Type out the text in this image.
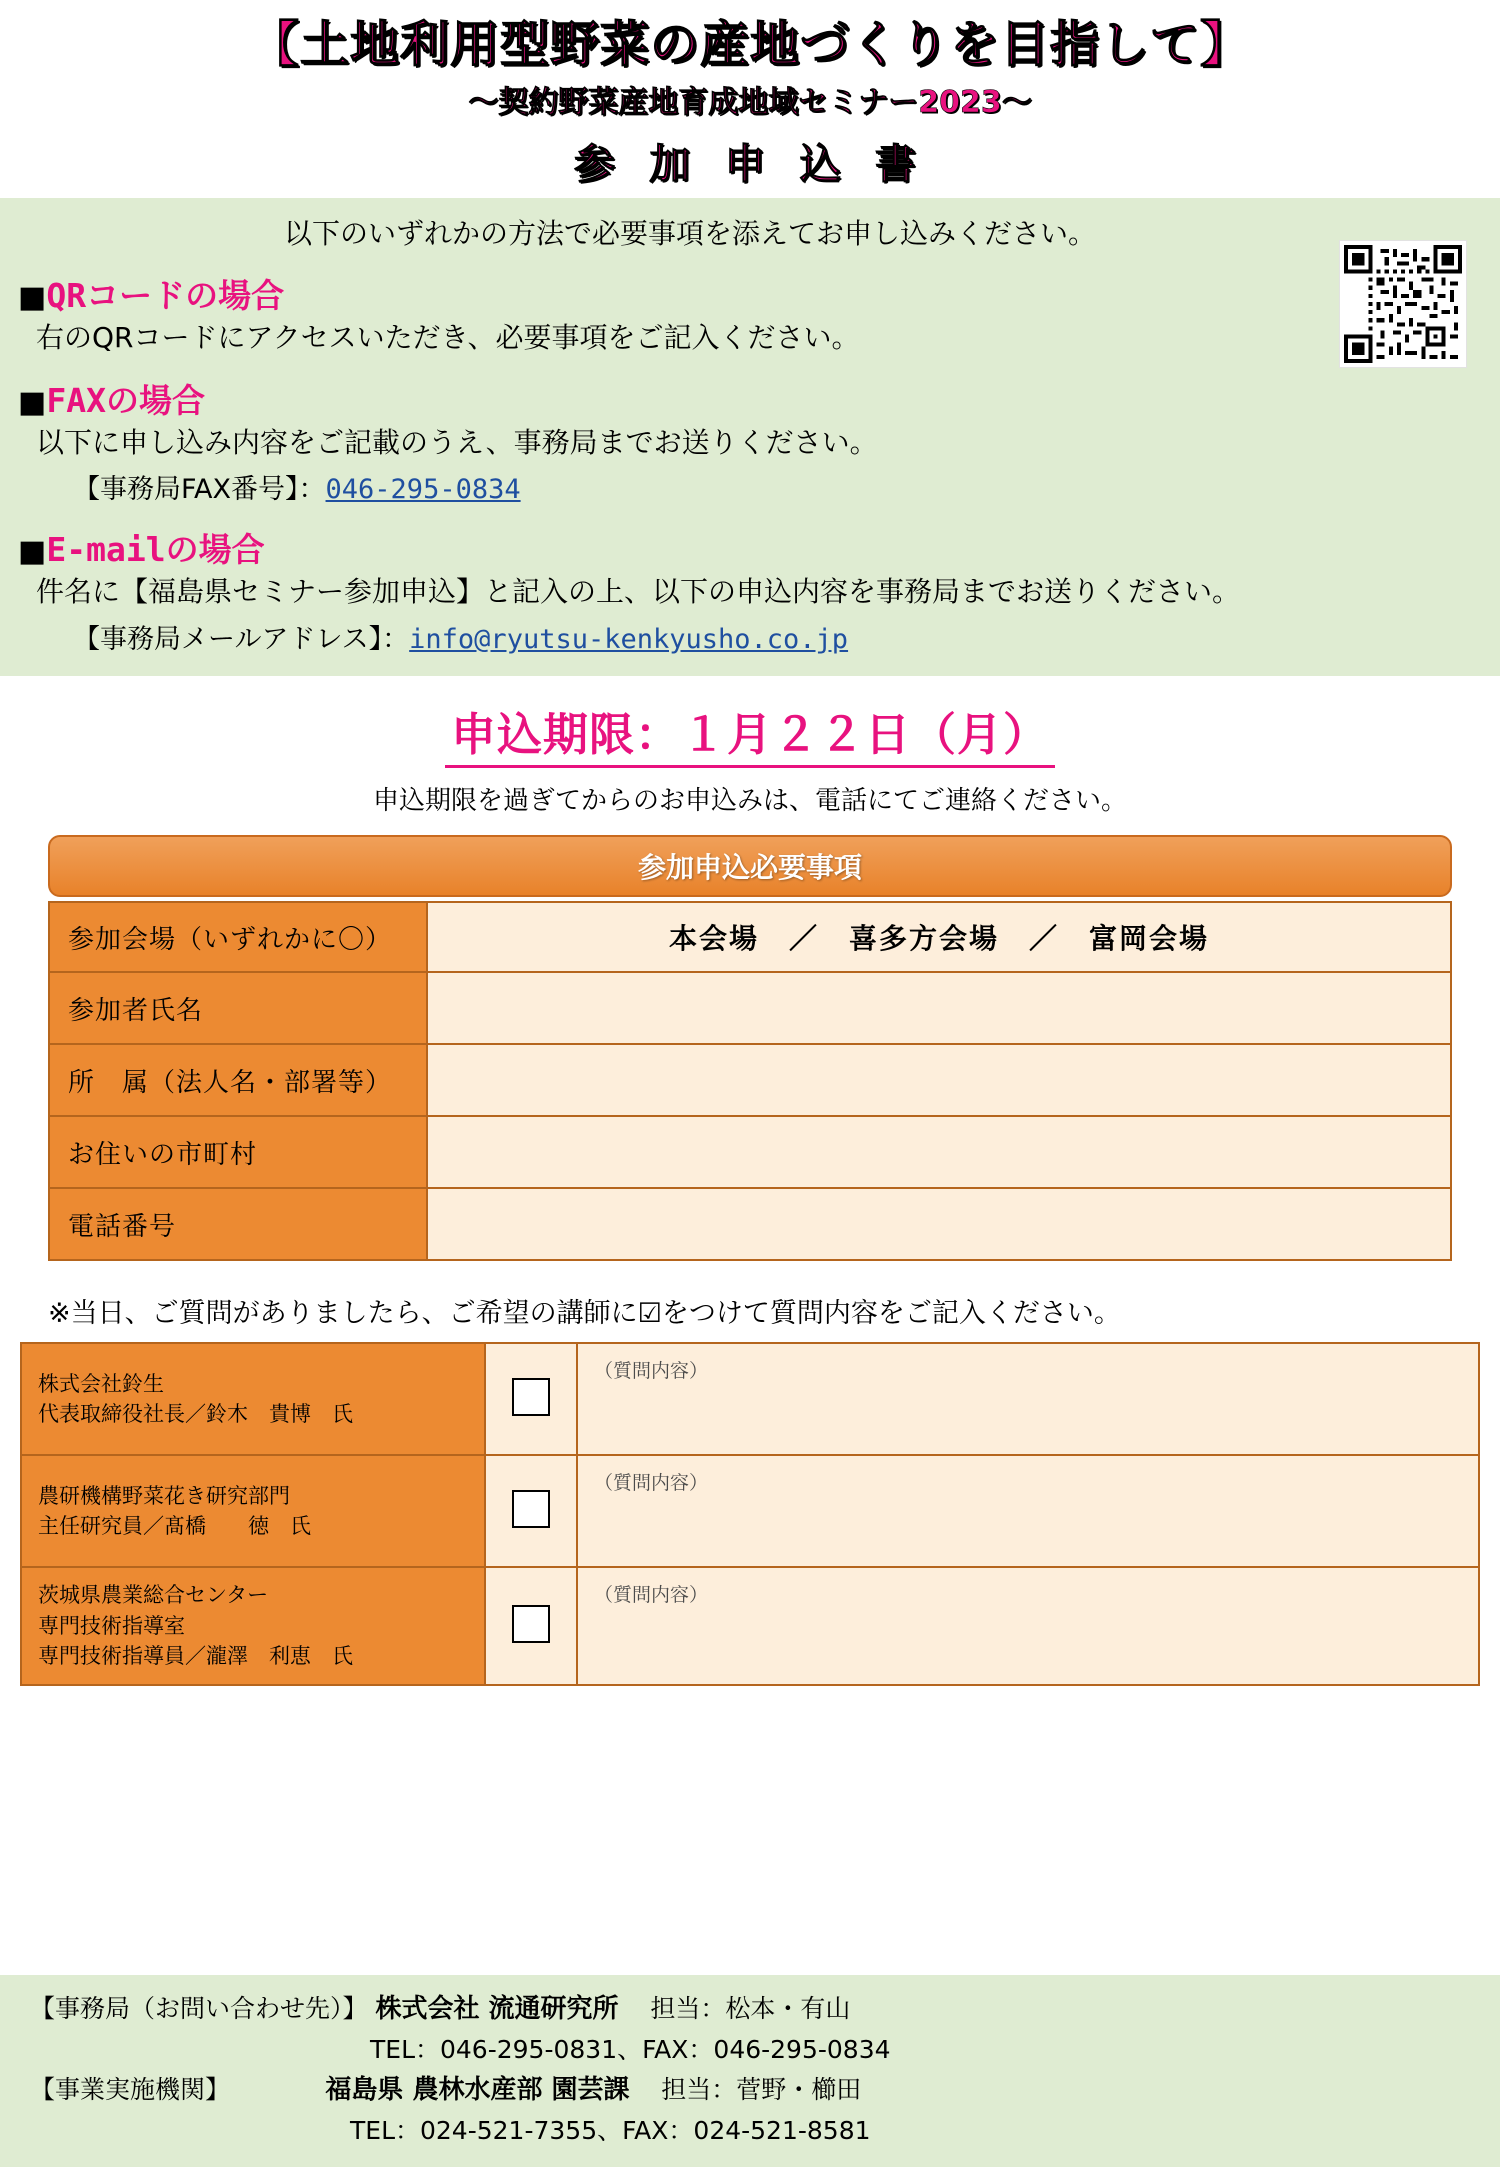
【土地利用型野菜の産地づくりを目指して】
～契約野菜産地育成地域セミナー2023～
参 加 申 込 書
以下のいずれかの方法で必要事項を添えてお申し込みください。
■QRコードの場合
右のQRコードにアクセスいただき、必要事項をご記入ください。
■FAXの場合
以下に申し込み内容をご記載のうえ、事務局までお送りください。
【事務局FAX番号】：046-295-0834
■E-mailの場合
件名に【福島県セミナー参加申込】と記入の上、以下の申込内容を事務局までお送りください。
【事務局メールアドレス】：info@ryutsu-kenkyusho.co.jp
申込期限：１月２２日（月）
申込期限を過ぎてからのお申込みは、電話にてご連絡ください。
参加申込必要事項
参加会場（いずれかに〇）	本会場　／　喜多方会場　／　富岡会場
参加者氏名	
所　属（法人名・部署等）	
お住いの市町村	
電話番号	
※当日、ご質問がありましたら、ご希望の講師に☑をつけて質問内容をご記入ください。
株式会社鈴生
代表取締役社長／鈴木　貴博　氏		（質問内容）

農研機構野菜花き研究部門
主任研究員／髙橋　　徳　氏		（質問内容）

茨城県農業総合センター
専門技術指導室
専門技術指導員／瀧澤　利恵　氏		（質問内容）
【事務局（お問い合わせ先）】 株式会社 流通研究所 担当：松本・有山
TEL：046-295-0831、FAX：046-295-0834
【事業実施機関】	福島県 農林水産部 園芸課 担当：菅野・櫛田
TEL：024-521-7355、FAX：024-521-8581
